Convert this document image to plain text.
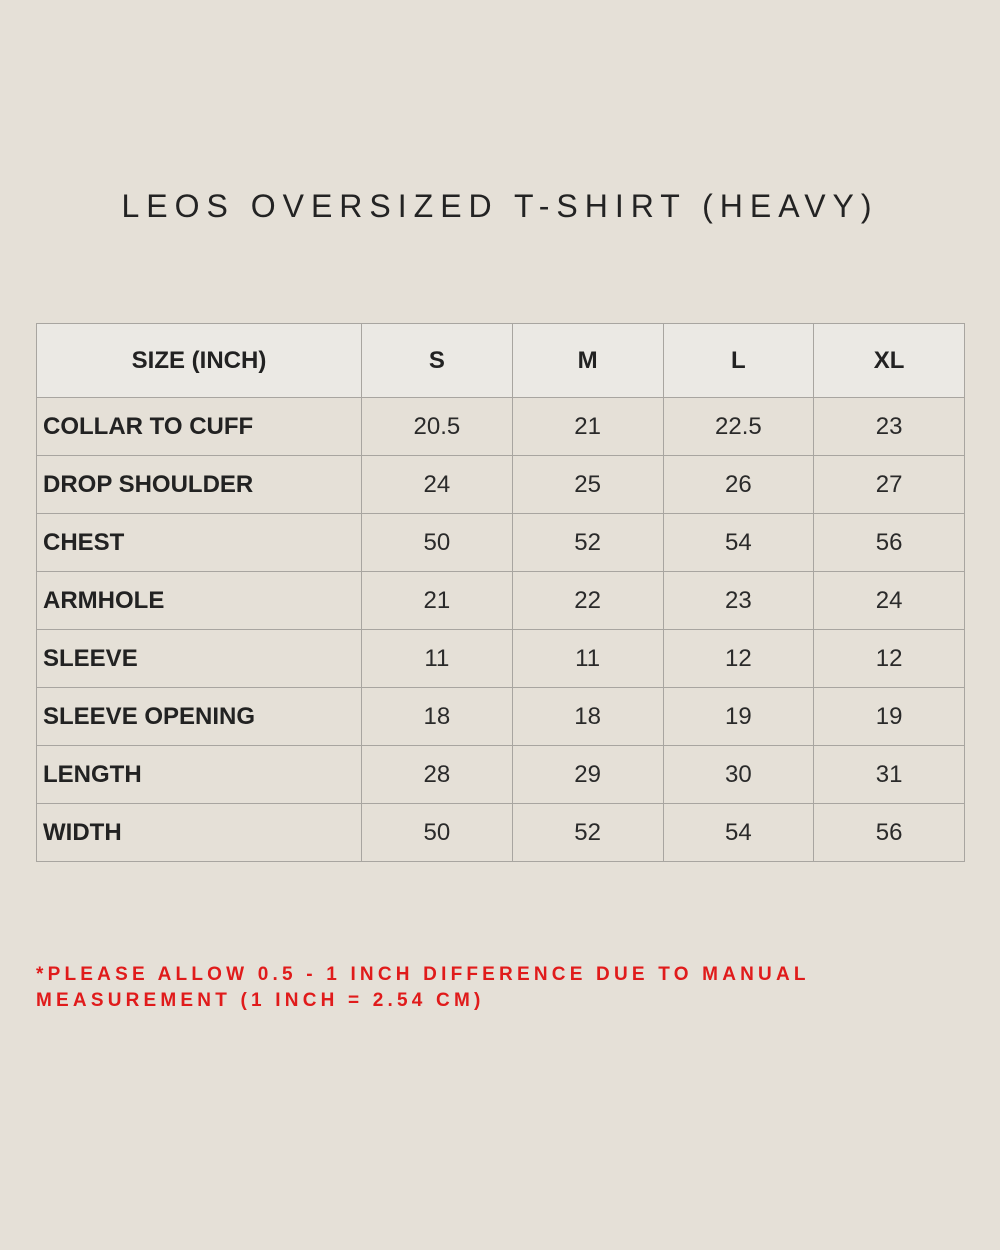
LEOS OVERSIZED T-SHIRT (HEAVY)
SIZE (INCH)	S	M	L	XL
COLLAR TO CUFF	20.5	21	22.5	23
DROP SHOULDER	24	25	26	27
CHEST	50	52	54	56
ARMHOLE	21	22	23	24
SLEEVE	11	11	12	12
SLEEVE OPENING	18	18	19	19
LENGTH	28	29	30	31
WIDTH	50	52	54	56

*PLEASE ALLOW 0.5 - 1 INCH DIFFERENCE DUE TO MANUAL
MEASUREMENT (1 INCH = 2.54 CM)
